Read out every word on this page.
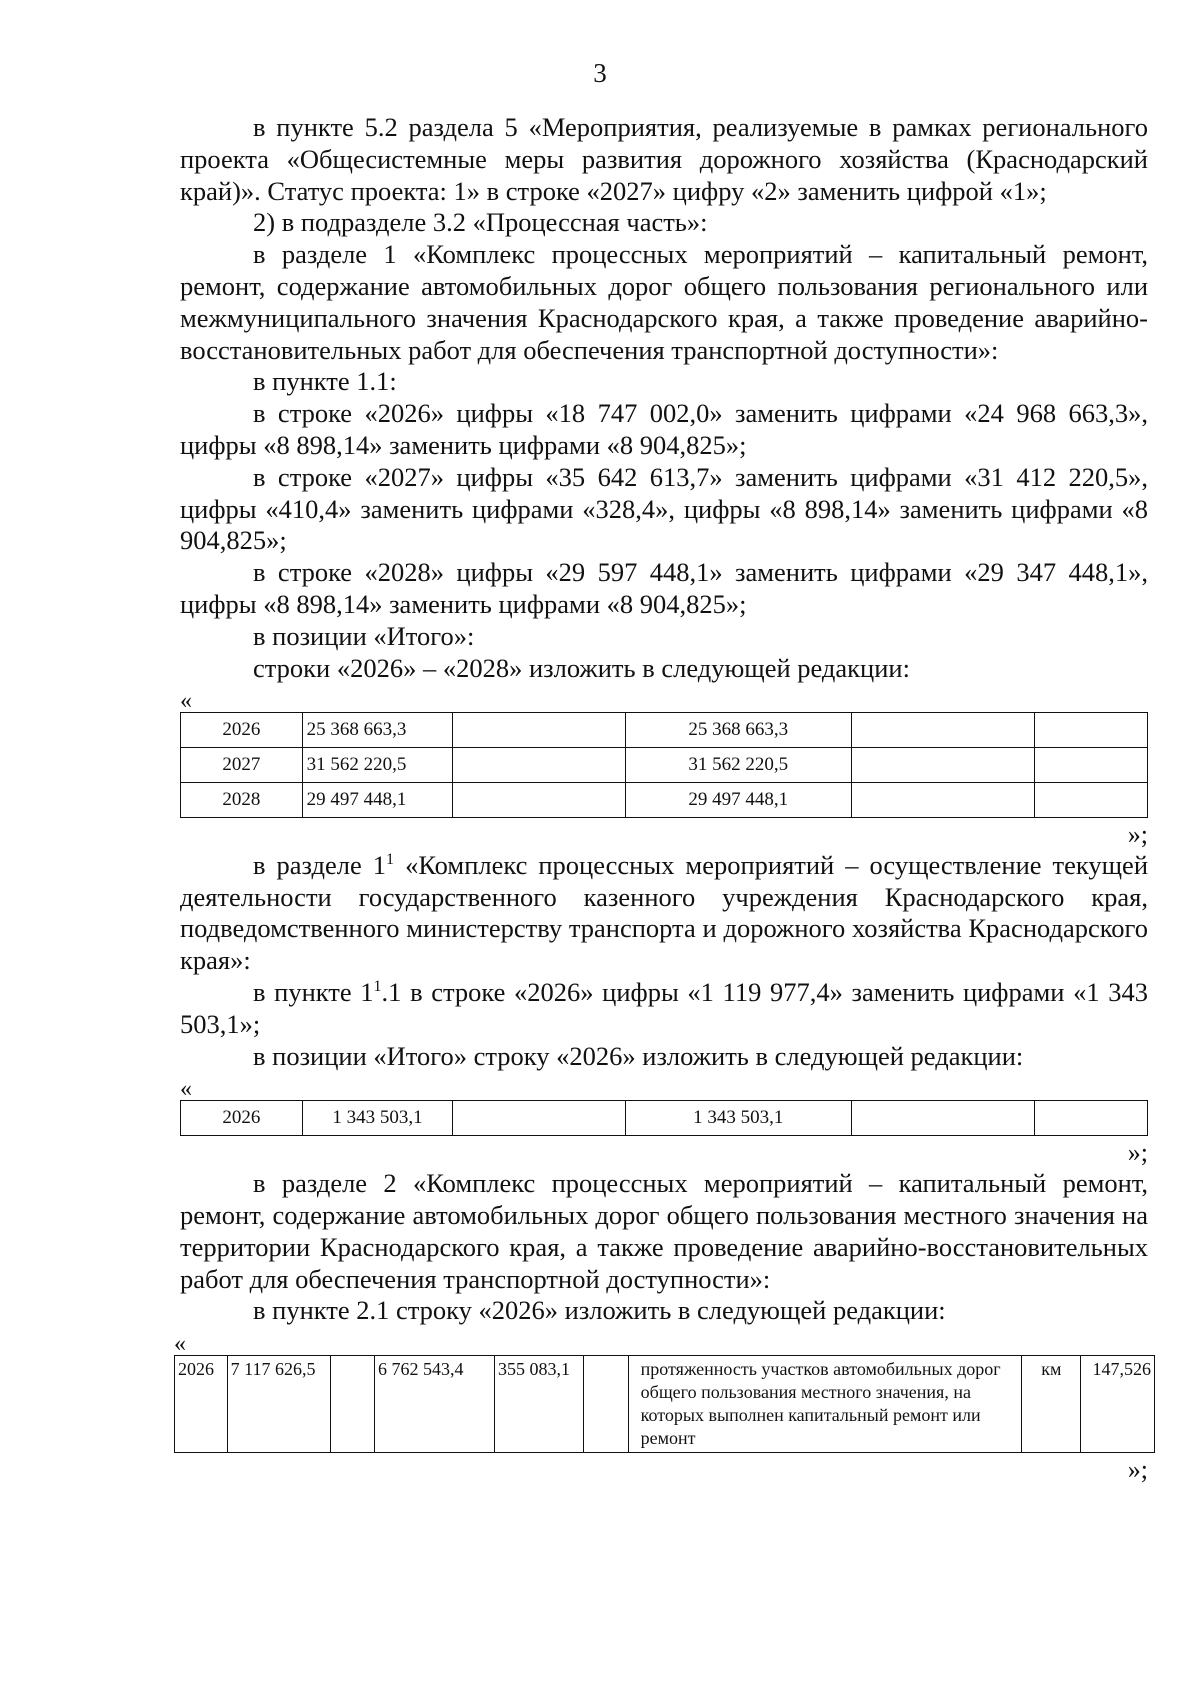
3

в пункте 5.2 раздела 5 «Мероприятия, реализуемые в рамках регионального проекта «Общесистемные меры развития дорожного хозяйства (Краснодарский край)». Статус проекта: 1» в строке «2027» цифру «2» заменить цифрой «1»;

2) в подразделе 3.2 «Процессная часть»:

в разделе 1 «Комплекс процессных мероприятий – капитальный ремонт, ремонт, содержание автомобильных дорог общего пользования регионального или межмуниципального значения Краснодарского края, а также проведение аварийно-восстановительных работ для обеспечения транспортной доступности»:

в пункте 1.1:

в строке «2026» цифры «18 747 002,0» заменить цифрами «24 968 663,3», цифры «8 898,14» заменить цифрами «8 904,825»;

в строке «2027» цифры «35 642 613,7» заменить цифрами «31 412 220,5», цифры «410,4» заменить цифрами «328,4», цифры «8 898,14» заменить цифрами «8 904,825»;

в строке «2028» цифры «29 597 448,1» заменить цифрами «29 347 448,1», цифры «8 898,14» заменить цифрами «8 904,825»;

в позиции «Итого»:

строки «2026» – «2028» изложить в следующей редакции:

«
2026	25 368 663,3		25 368 663,3		
2027	31 562 220,5		31 562 220,5		
2028	29 497 448,1		29 497 448,1		
»;

в разделе $1^1$ «Комплекс процессных мероприятий – осуществление текущей деятельности государственного казенного учреждения Краснодарского края, подведомственного министерству транспорта и дорожного хозяйства Краснодарского края»:

в пункте $1^1.1$ в строке «2026» цифры «1 119 977,4» заменить цифрами «1 343 503,1»;

в позиции «Итого» строку «2026» изложить в следующей редакции:

«
2026	1 343 503,1		1 343 503,1		
»;

в разделе 2 «Комплекс процессных мероприятий – капитальный ремонт, ремонт, содержание автомобильных дорог общего пользования местного значения на территории Краснодарского края, а также проведение аварийно-восстановительных работ для обеспечения транспортной доступности»:

в пункте 2.1 строку «2026» изложить в следующей редакции:

«
2026	7 117 626,5		6 762 543,4	355 083,1		протяженность участков автомобильных дорог общего пользования местного значения, на которых выполнен капитальный ремонт или ремонт	км	147,526
»;
